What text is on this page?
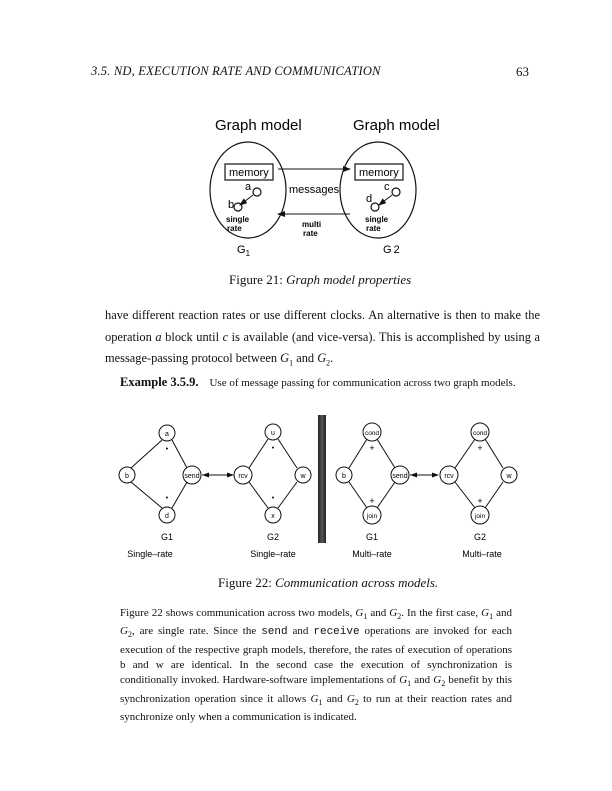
3.5. ND, EXECUTION RATE AND COMMUNICATION	63
Graph model	Graph model
memory	memory
messages
multi
rate
a
b
single
rate
c
d
single
rate
$G_1$	G 2
Figure 21: Graph model properties
have different reaction rates or use different clocks. An alternative is then to make the operation a block until c is available (and vice-versa). This is accomplished by using a message-passing protocol between $G_1$ and $G_2$.
Example 3.5.9. Use of message passing for communication across two graph models.
a
•
b	send
•
d
u
•
rcv	w
•
x
cond
+
b	send
+
join
cond
+
rcv	w
+
join
G1	G2	G1	G2
Single–rate	Single–rate	Multi–rate	Multi–rate
Figure 22: Communication across models.
Figure 22 shows communication across two models, $G_1$ and $G_2$. In the first case, $G_1$ and $G_2$, are single rate. Since the send and receive operations are invoked for each execution of the respective graph models, therefore, the rates of execution of operations b and w are identical. In the second case the execution of synchronization is conditionally invoked. Hardware-software implementations of $G_1$ and $G_2$ benefit by this synchronization operation since it allows $G_1$ and $G_2$ to run at their reaction rates and synchronize only when a communication is indicated.
